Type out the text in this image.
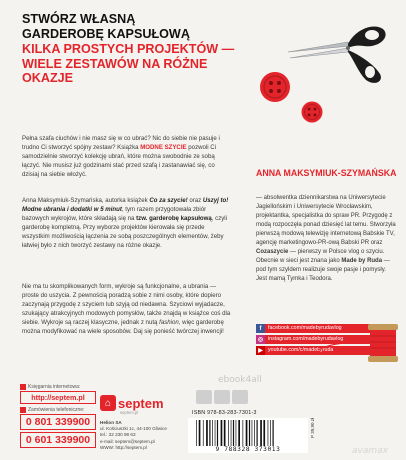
STWÓRZ WŁASNĄ
GARDEROBĘ KAPSUŁOWĄ
KILKA PROSTYCH PROJEKTÓW —
WIELE ZESTAWÓW NA RÓŻNE
OKAZJE

Pełna szafa ciuchów i nie masz się w co ubrać? Nic do siebie nie pasuje i trudno Ci stworzyć spójny zestaw? Książka MODNE SZYCIE pozwoli Ci samodzielnie stworzyć kolekcję ubrań, które można swobodnie ze sobą łączyć. Nie musisz już godzinami stać przed szafą i zastanawiać się, co dzisiaj na siebie włożyć.

Anna Maksymiuk-Szymańska, autorka książek Co za szycie! oraz Uszyj to! Modne ubrania i dodatki w 5 minut, tym razem przygotowała zbiór bazowych wykrojów, które składają się na tzw. garderobę kapsułową, czyli garderobę kompletną. Przy wyborze projektów kierowała się przede wszystkim możliwością łączenia ze sobą poszczególnych elementów, żeby łatwiej było z nich tworzyć zestawy na różne okazje.

Nie ma tu skomplikowanych form, wykroje są funkcjonalne, a ubrania — proste do uszycia. Z pewnością poradzą sobie z nimi osoby, które dopiero zaczynają przygodę z szyciem lub szyją od niedawna. Szyciowi wyjadacze, szukający atrakcyjnych modowych pomysłów, także znajdą w książce coś dla siebie. Wykroje są raczej klasyczne, jednak z nutą fashion, więc garderobę można modyfikować na wiele sposobów. Daj się ponieść twórczej inwencji!

ANNA MAKSYMIUK-SZYMAŃSKA
— absolwentka dziennikarstwa na Uniwersytecie Jagiellońskim i Uniwersytecie Wrocławskim, projektantka, specjalistka do spraw PR. Przygodę z modą rozpoczęła ponad dziesięć lat temu. Stworzyła pierwszą modową telewizję internetową Babskie TV, agencję marketingowo-PR-ową Babski PR oraz Cozaszycie — pierwszy w Polsce vlog o szyciu. Obecnie w sieci jest znana jako Made by Ruda — pod tym szyldem realizuje swoje pasje i pomysły. Jest mamą Tymka i Teodora.
f	facebook.com/madebyrudavlog
◎ instagram.com/madebyrudavlog
▶ youtube.com/c/madebyruda
Księgarnia internetowa:
http://septem.pl
Zamówienia telefoniczne:
0 801 339900
0 601 339900
⌂ septem
septem.pl
Helion SA
ul. Kościuszki 1c, 44-100 Gliwice
tel.: 32 230 98 63
e-mail: septem@septem.pl
WWW: http://septem.pl
ebook4all
ISBN 978-83-283-7301-3
9 788328 373013
P 39,90 zł
avamax
